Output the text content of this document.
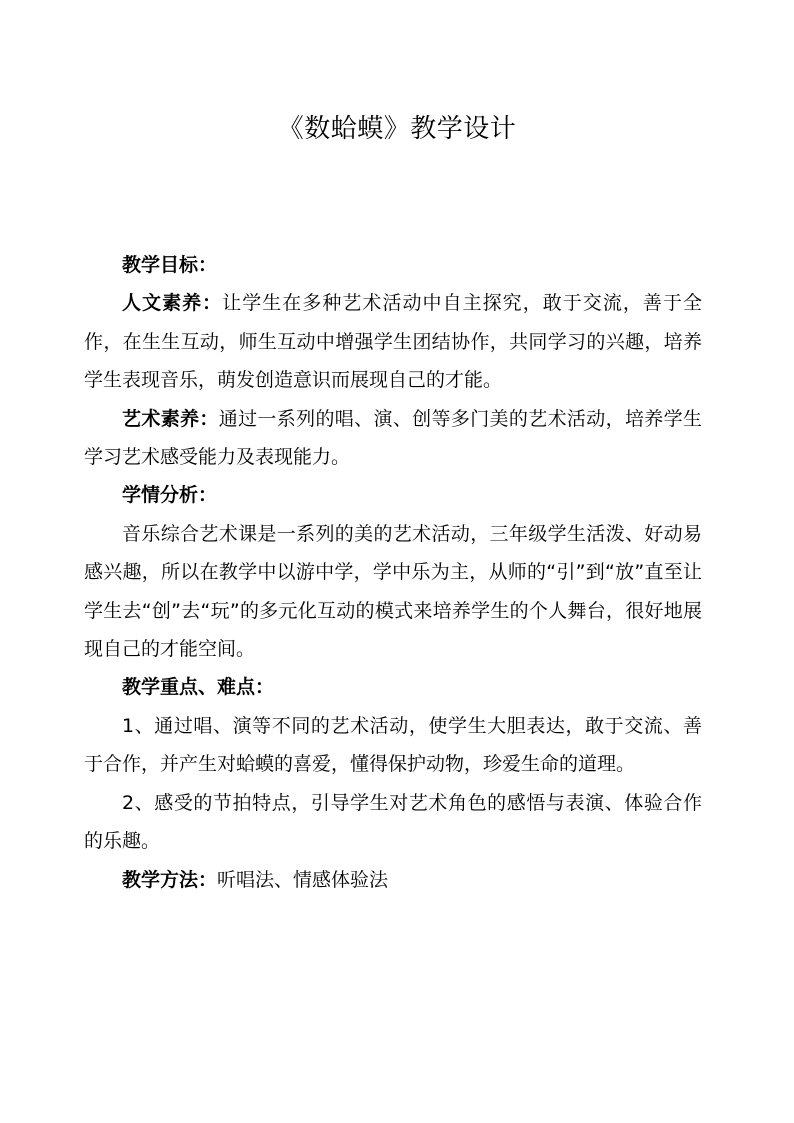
《数蛤蟆》教学设计

教学目标：

人文素养：让学生在多种艺术活动中自主探究，敢于交流，善于全作，在生生互动，师生互动中增强学生团结协作，共同学习的兴趣，培养学生表现音乐，萌发创造意识而展现自己的才能。

艺术素养：通过一系列的唱、演、创等多门美的艺术活动，培养学生学习艺术感受能力及表现能力。

学情分析：

音乐综合艺术课是一系列的美的艺术活动，三年级学生活泼、好动易感兴趣，所以在教学中以游中学，学中乐为主，从师的“引”到“放”直至让学生去“创”去“玩”的多元化互动的模式来培养学生的个人舞台，很好地展现自己的才能空间。

教学重点、难点：

1、通过唱、演等不同的艺术活动，使学生大胆表达，敢于交流、善于合作，并产生对蛤蟆的喜爱，懂得保护动物，珍爱生命的道理。

2、感受的节拍特点，引导学生对艺术角色的感悟与表演、体验合作的乐趣。

教学方法：听唱法、情感体验法
